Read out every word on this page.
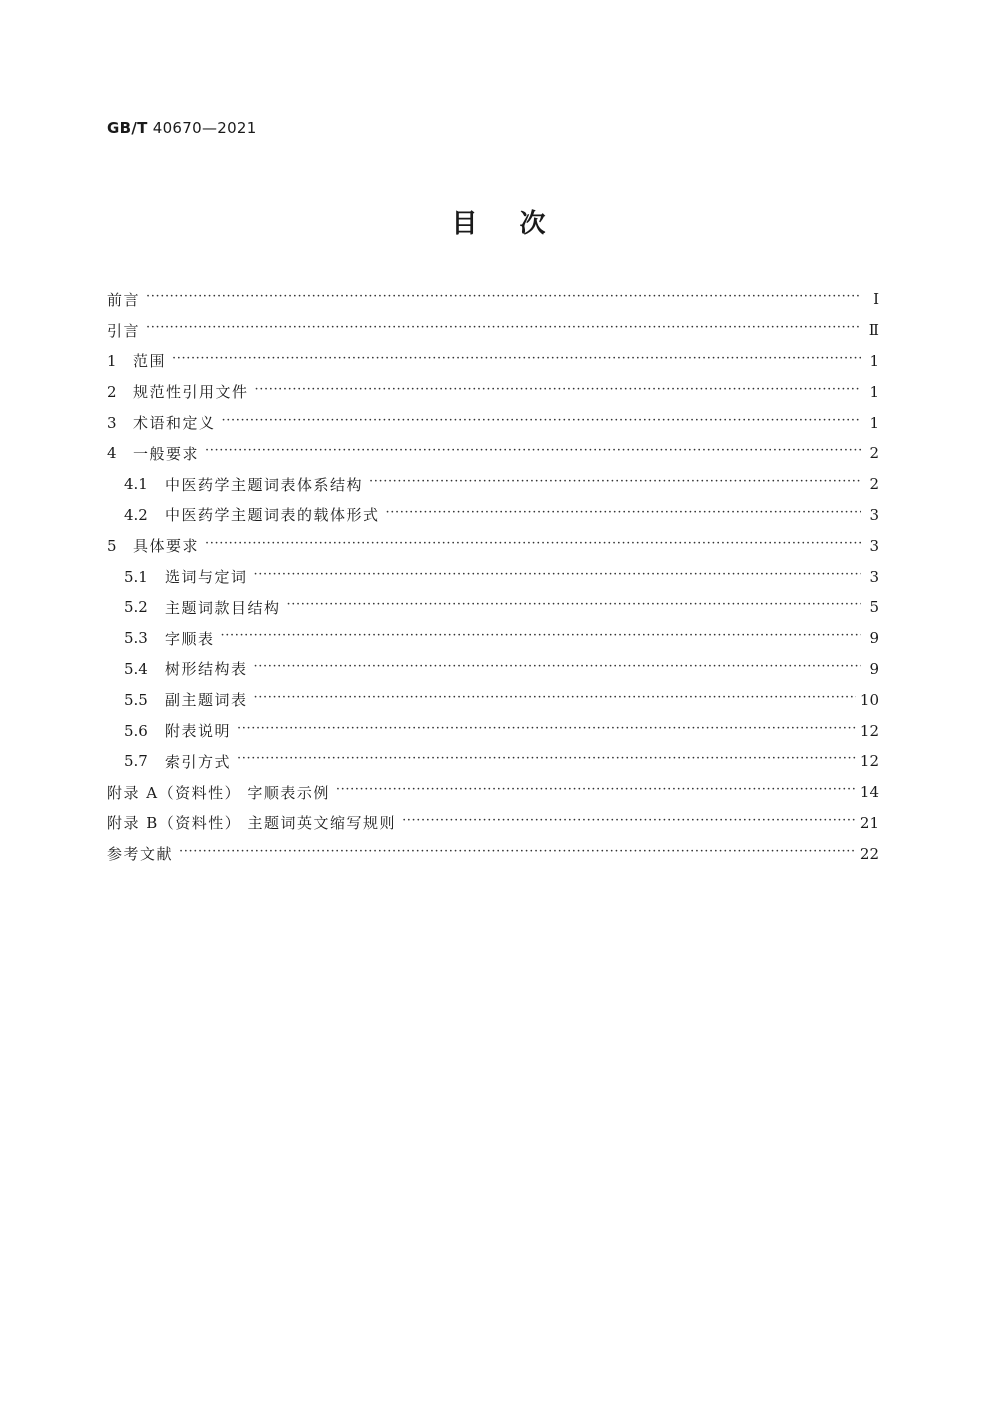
GB/T 40670—2021
目 次
前言 ·····	Ⅰ
引言 ·····	Ⅱ
1	范围 ·····	1
2	规范性引用文件 ·····	1
3	术语和定义 ·····	1
4	一般要求 ·····	2
4.1	中医药学主题词表体系结构 ·····	2
4.2	中医药学主题词表的载体形式 ·····	3
5	具体要求 ·····	3
5.1	选词与定词 ·····	3
5.2	主题词款目结构 ·····	5
5.3	字顺表 ·····	9
5.4	树形结构表 ·····	9
5.5	副主题词表 ·····	10
5.6	附表说明 ·····	12
5.7	索引方式 ·····	12
附录 A（资料性） 字顺表示例 ·····	14
附录 B（资料性） 主题词英文缩写规则 ·····	21
参考文献 ·····	22
